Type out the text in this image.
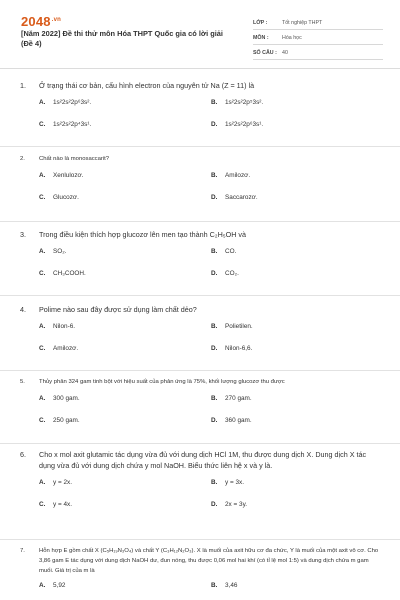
$2048^{.vn}$
[Năm 2022] Đề thi thử môn Hóa THPT Quốc gia có lời giải (Đề 4)
LỚP :	Tốt nghiệp THPT
MÔN :	Hóa học
SỐ CÂU : 40
1. Ở trạng thái cơ bản, cấu hình electron của nguyên tử Na (Z = 11) là
A. 1s²2s²2p⁶3s².	B. 1s²2s²2p⁵3s².
C. 1s²2s²2p⁴3s¹.	D. 1s²2s²2p⁶3s¹.
2. Chất nào là monosaccarit?
A. Xenlulozơ.	B. Amilozơ.
C. Glucozơ.	D. Saccarozơ.
3. Trong điều kiện thích hợp glucozơ lên men tạo thành C₂H₅OH và
A. SO₂.	B. CO.
C. CH₃COOH.	D. CO₂.
4. Polime nào sau đây được sử dụng làm chất dẻo?
A. Nilon-6.	B. Polietilen.
C. Amilozơ.	D. Nilon-6,6.
5. Thủy phân 324 gam tinh bột với hiệu suất của phản ứng là 75%, khối lượng glucozơ thu được
A. 300 gam.	B. 270 gam.
C. 250 gam.	D. 360 gam.
6. Cho x mol axit glutamic tác dụng vừa đủ với dung dịch HCl 1M, thu được dung dịch X. Dung dịch X tác dụng vừa đủ với dung dịch chứa y mol NaOH. Biểu thức liên hệ x và y là.
A. y = 2x.	B. y = 3x.
C. y = 4x.	D. 2x = 3y.
7. Hỗn hợp E gồm chất X (C₅H₁₉N₃O₄) và chất Y (C₃H₁₂N₂O₃). X là muối của axit hữu cơ đa chức, Y là muối của một axit vô cơ. Cho 3,86 gam E tác dụng với dung dịch NaOH dư, đun nóng, thu được 0,06 mol hai khí (có tỉ lệ mol 1:5) và dung dịch chứa m gam muối. Giá trị của m là
A. 5,92	B. 3,46
